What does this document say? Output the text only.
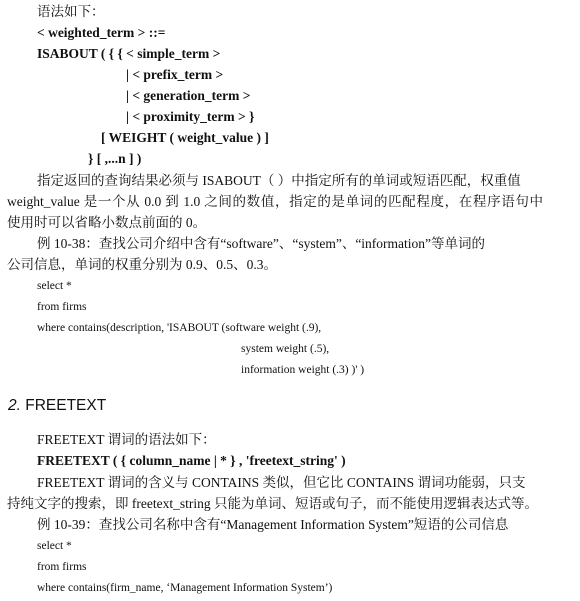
语法如下：
< weighted_term > ::=
ISABOUT ( { { < simple_term >
| < prefix_term >
| < generation_term >
| < proximity_term > }
[ WEIGHT ( weight_value ) ]
} [ ,...n ] )
指定返回的查询结果必须与 ISABOUT（ ）中指定所有的单词或短语匹配，权重值
weight_value 是一个从 0.0 到 1.0 之间的数值，指定的是单词的匹配程度，在程序语句中
使用时可以省略小数点前面的 0。
例 10-38：查找公司介绍中含有“software”、“system”、“information”等单词的
公司信息，单词的权重分别为 0.9、0.5、0.3。
select *
from firms
where contains(description, 'ISABOUT (software weight (.9),
system weight (.5),
information weight (.3) )' )
2. FREETEXT
FREETEXT 谓词的语法如下：
FREETEXT ( { column_name | * } , 'freetext_string' )
FREETEXT 谓词的含义与 CONTAINS 类似，但它比 CONTAINS 谓词功能弱，只支
持纯文字的搜索，即 freetext_string 只能为单词、短语或句子，而不能使用逻辑表达式等。
例 10-39：查找公司名称中含有“Management Information System”短语的公司信息
select *
from firms
where contains(firm_name, ‘Management Information System’)
